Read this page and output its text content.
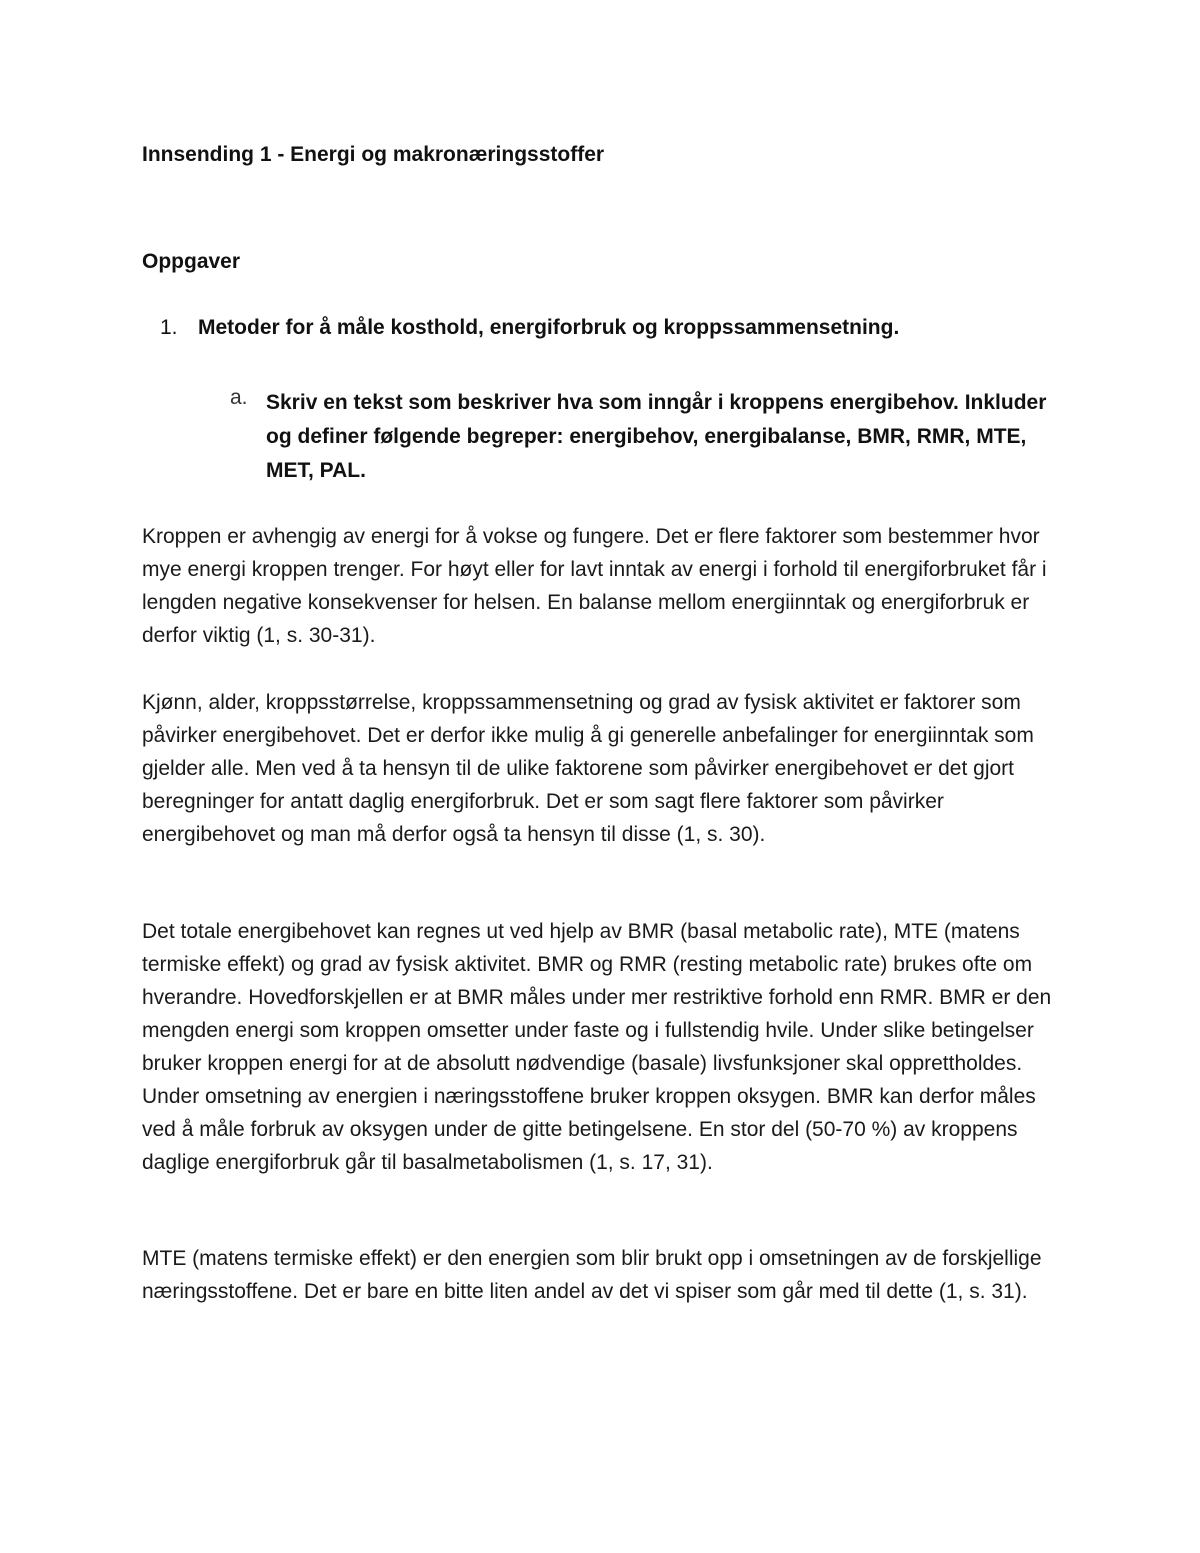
Innsending 1 - Energi og makronæringsstoffer
Oppgaver
1. Metoder for å måle kosthold, energiforbruk og kroppssammensetning.
a. Skriv en tekst som beskriver hva som inngår i kroppens energibehov. Inkluder og definer følgende begreper: energibehov, energibalanse, BMR, RMR, MTE, MET, PAL.

Kroppen er avhengig av energi for å vokse og fungere. Det er flere faktorer som bestemmer hvor mye energi kroppen trenger. For høyt eller for lavt inntak av energi i forhold til energiforbruket får i lengden negative konsekvenser for helsen. En balanse mellom energiinntak og energiforbruk er derfor viktig (1, s. 30-31).

Kjønn, alder, kroppsstørrelse, kroppssammensetning og grad av fysisk aktivitet er faktorer som påvirker energibehovet. Det er derfor ikke mulig å gi generelle anbefalinger for energiinntak som gjelder alle. Men ved å ta hensyn til de ulike faktorene som påvirker energibehovet er det gjort beregninger for antatt daglig energiforbruk. Det er som sagt flere faktorer som påvirker energibehovet og man må derfor også ta hensyn til disse (1, s. 30).

Det totale energibehovet kan regnes ut ved hjelp av BMR (basal metabolic rate), MTE (matens termiske effekt) og grad av fysisk aktivitet. BMR og RMR (resting metabolic rate) brukes ofte om hverandre. Hovedforskjellen er at BMR måles under mer restriktive forhold enn RMR. BMR er den mengden energi som kroppen omsetter under faste og i fullstendig hvile. Under slike betingelser bruker kroppen energi for at de absolutt nødvendige (basale) livsfunksjoner skal opprettholdes. Under omsetning av energien i næringsstoffene bruker kroppen oksygen. BMR kan derfor måles ved å måle forbruk av oksygen under de gitte betingelsene. En stor del (50-70 %) av kroppens daglige energiforbruk går til basalmetabolismen (1, s. 17, 31).

MTE (matens termiske effekt) er den energien som blir brukt opp i omsetningen av de forskjellige næringsstoffene. Det er bare en bitte liten andel av det vi spiser som går med til dette (1, s. 31).
